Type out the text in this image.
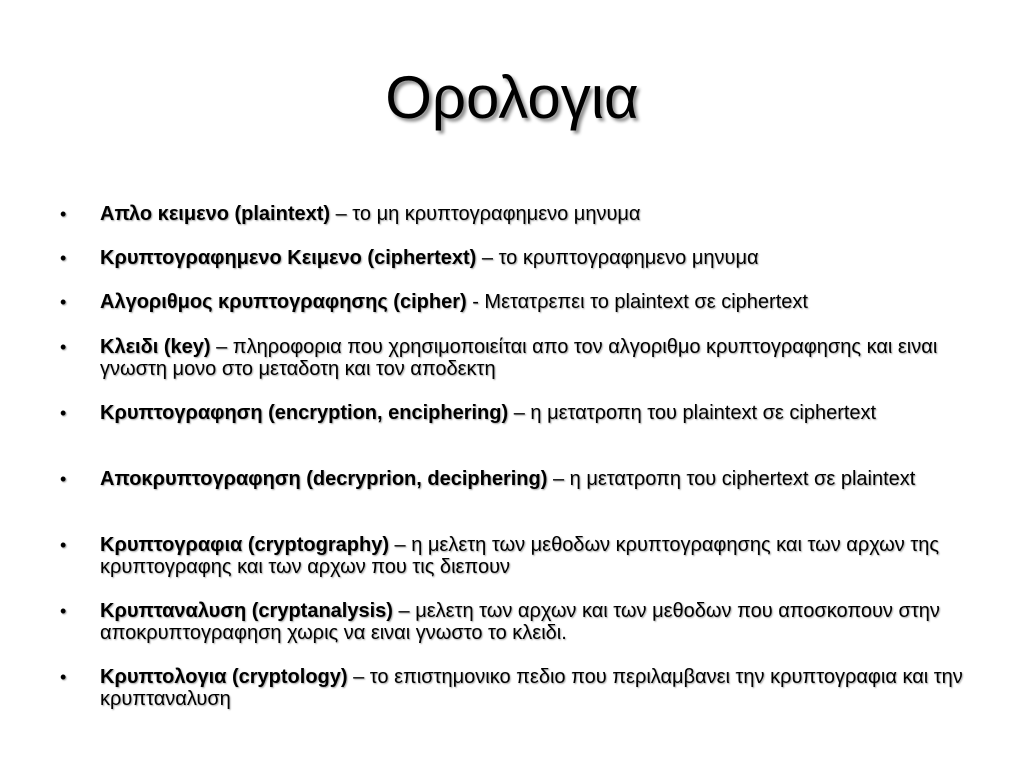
Ορολογια
• Απλο κειμενο (plaintext) – το μη κρυπτογραφημενο μηνυμα
• Κρυπτογραφημενο Κειμενο (ciphertext) – το κρυπτογραφημενο μηνυμα
• Αλγοριθμος κρυπτογραφησης (cipher) - Μετατρεπει το plaintext σε ciphertext
• Κλειδι (key) – πληροφορια που χρησιμοποιείται απο τον αλγοριθμο κρυπτογραφησης και ειναι γνωστη μονο στο μεταδοτη και τον αποδεκτη
• Κρυπτογραφηση (encryption, enciphering) – η μετατροπη του plaintext σε ciphertext
• Αποκρυπτογραφηση (decryprion, deciphering) – η μετατροπη του ciphertext σε plaintext
• Κρυπτογραφια (cryptography) – η μελετη των μεθοδων κρυπτογραφησης και των αρχων της κρυπτογραφης και των αρχων που τις διεπουν
• Κρυπταναλυση (cryptanalysis) – μελετη των αρχων και των μεθοδων που αποσκοπουν στην αποκρυπτογραφηση χωρις να ειναι γνωστο το κλειδι.
• Κρυπτολογια (cryptology) – το επιστημονικο πεδιο που περιλαμβανει την κρυπτογραφια και την κρυπταναλυση
